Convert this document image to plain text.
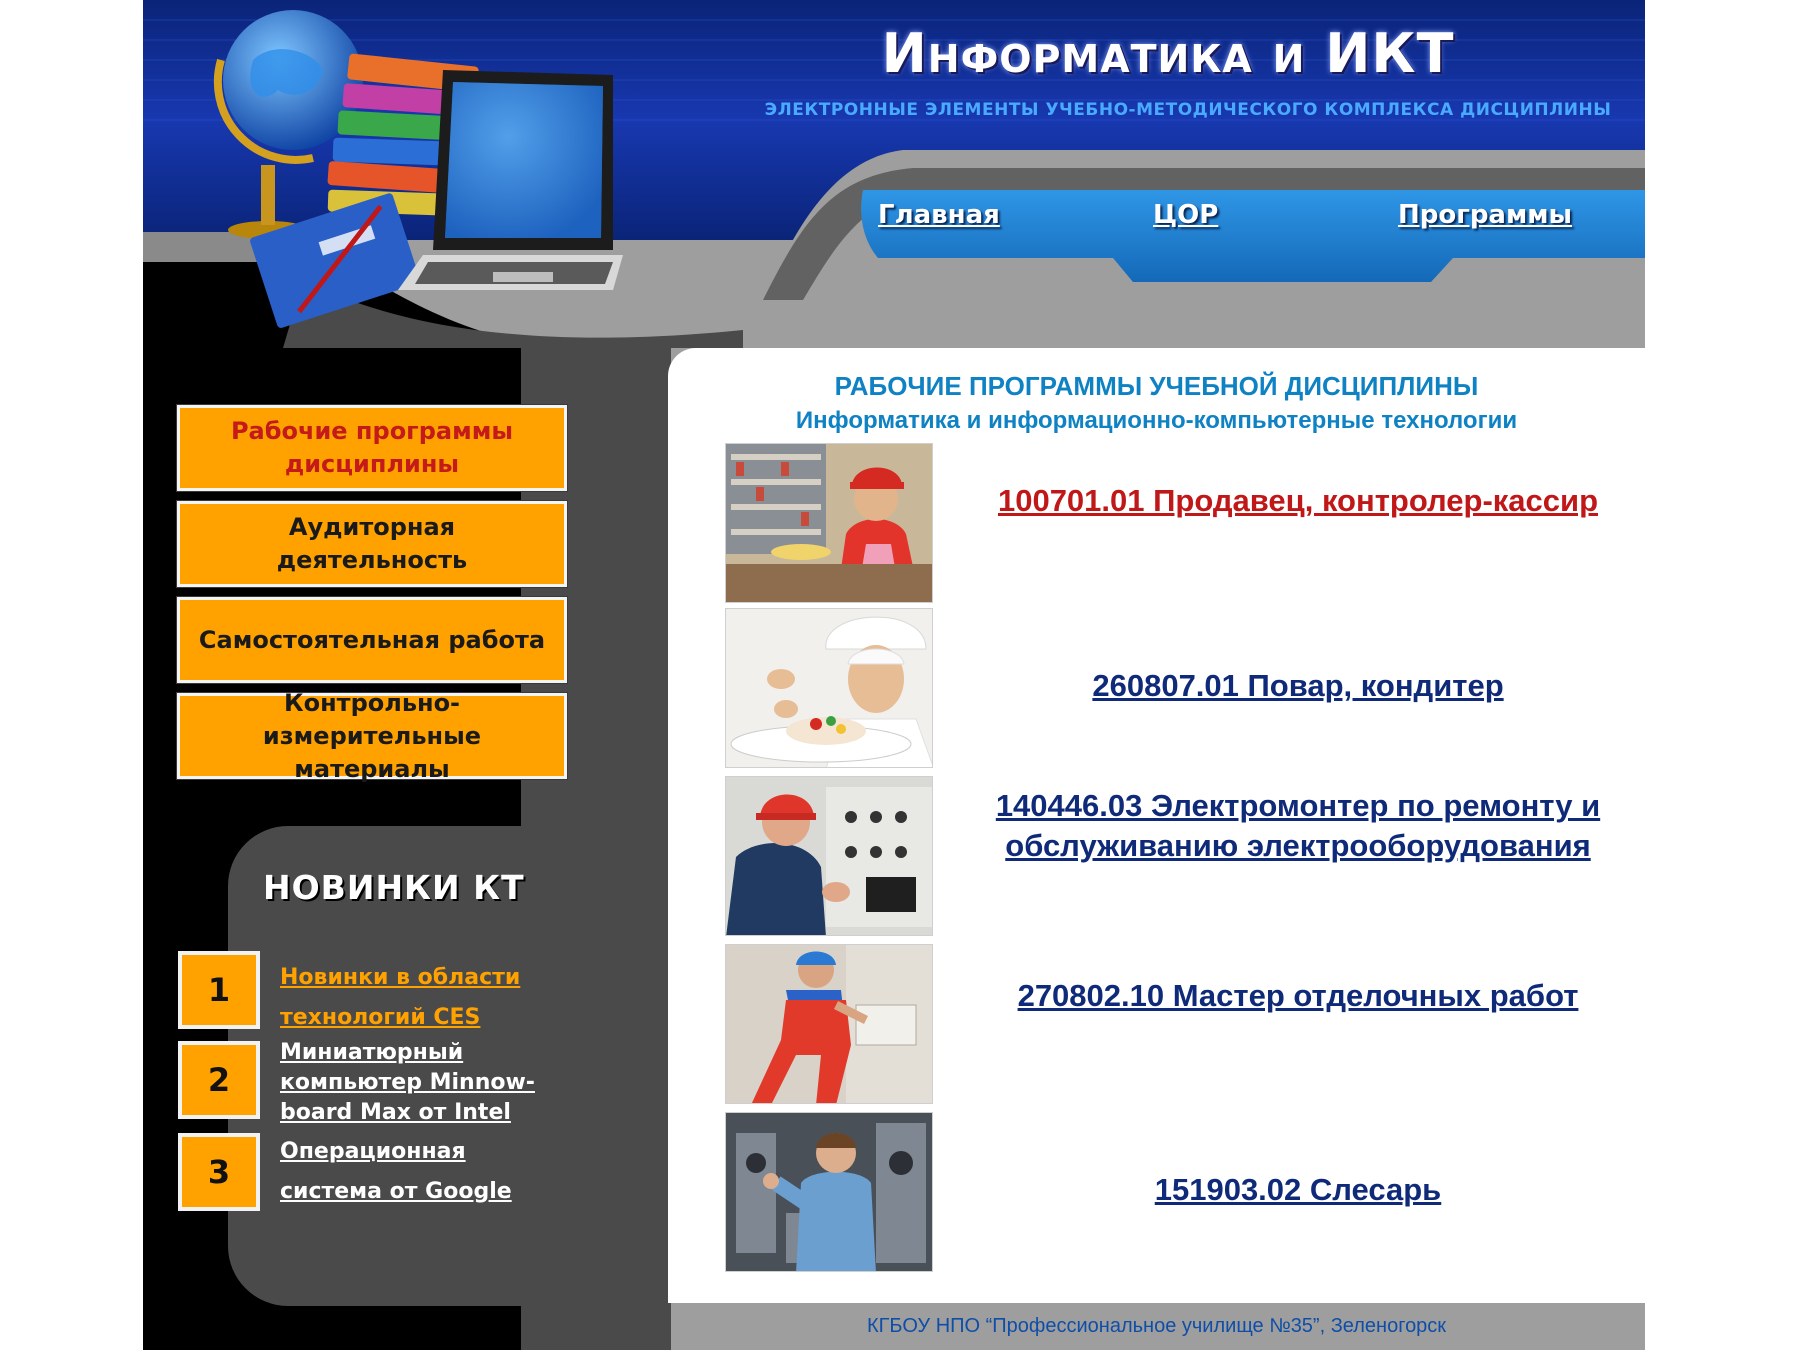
Информатика и ИКТ
ЭЛЕКТРОННЫЕ ЭЛЕМЕНТЫ УЧЕБНО-МЕТОДИЧЕСКОГО КОМПЛЕКСА ДИСЦИПЛИНЫ
Главная	ЦОР	Программы
Рабочие программы дисциплины
Аудиторная деятельность
Самостоятельная работа
Контрольно-измерительные материалы
НОВИНКИ КТ
1	Новинки в области технологий CES
2
Миниатюрный компьютер Minnow-board Max от Intel
3
Операционная система от Google
РАБОЧИЕ ПРОГРАММЫ УЧЕБНОЙ ДИСЦИПЛИНЫ
Информатика и информационно-компьютерные технологии
100701.01 Продавец, контролер-кассир
260807.01 Повар, кондитер
140446.03 Электромонтер по ремонту и обслуживанию электрооборудования
270802.10 Мастер отделочных работ
151903.02 Слесарь
КГБОУ НПО “Профессиональное училище №35”, Зеленогорск
